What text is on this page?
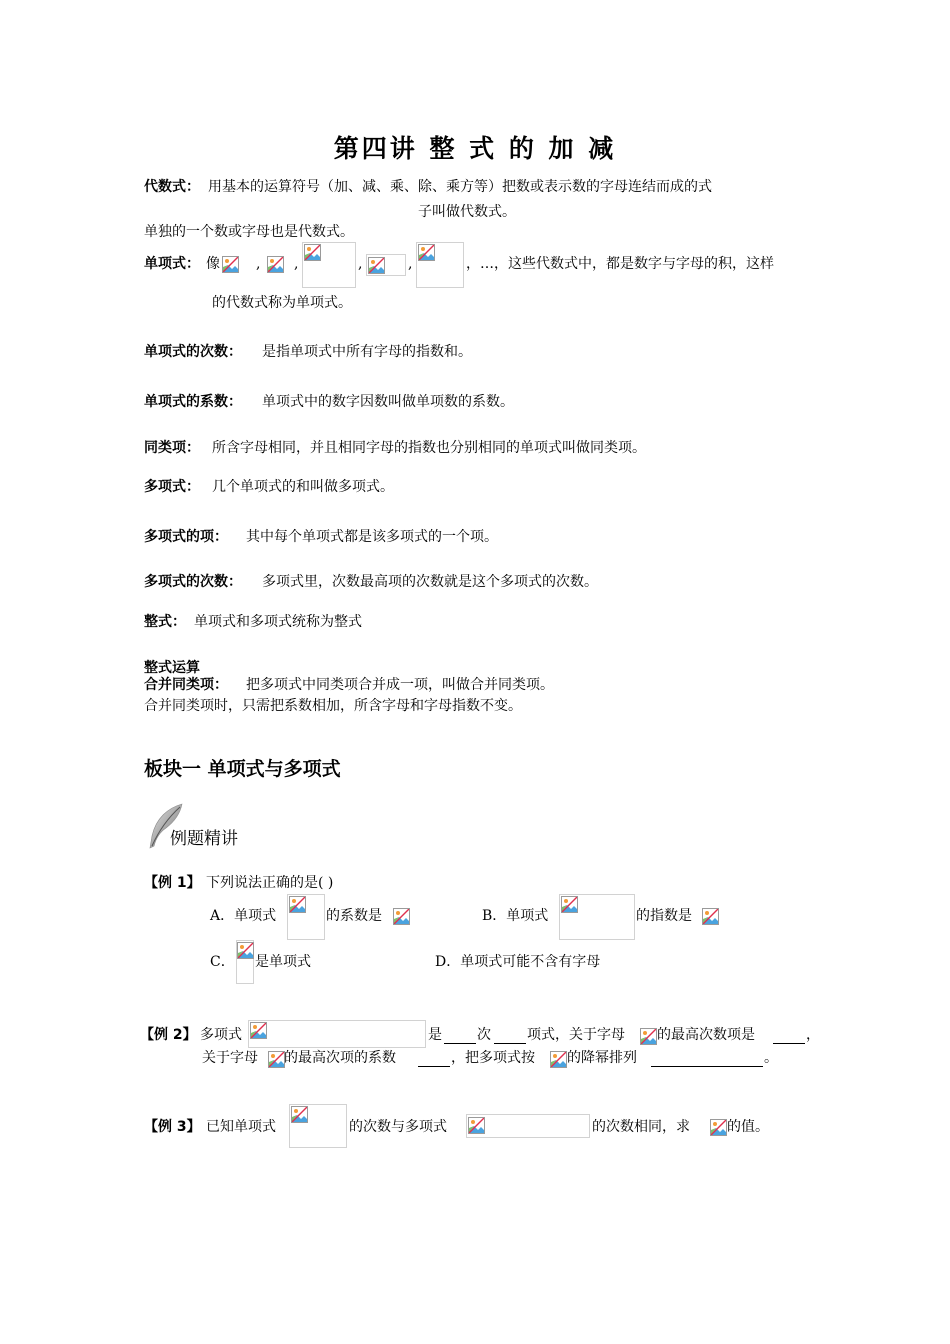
第四讲 整 式 的 加 减
代数式： 用基本的运算符号（加、减、乘、除、乘方等）把数或表示数的字母连结而成的式
子叫做代数式。
单独的一个数或字母也是代数式。
单项式： 像	, ,	,	,	，…，这些代数式中，都是数字与字母的积，这样
的代数式称为单项式。
单项式的次数： 是指单项式中所有字母的指数和。
单项式的系数： 单项式中的数字因数叫做单项数的系数。
同类项： 所含字母相同，并且相同字母的指数也分别相同的单项式叫做同类项。
多项式： 几个单项式的和叫做多项式。
多项式的项： 其中每个单项式都是该多项式的一个项。
多项式的次数： 多项式里，次数最高项的次数就是这个多项式的次数。
整式： 单项式和多项式统称为整式
整式运算
合并同类项： 把多项式中同类项合并成一项，叫做合并同类项。
合并同类项时，只需把系数相加，所含字母和字母指数不变。
板块一 单项式与多项式
例题精讲
【例 1】 下列说法正确的是( )
A．单项式	的系数是	B．单项式	的指数是
C． 是单项式	D．单项式可能不含有字母
【例 2】 多项式	是	次	项式，关于字母 的最高次数项是	，
关于字母 的最高次项的系数	，把多项式按 的降幂排列	。
【例 3】 已知单项式	的次数与多项式	的次数相同，求	的值。
